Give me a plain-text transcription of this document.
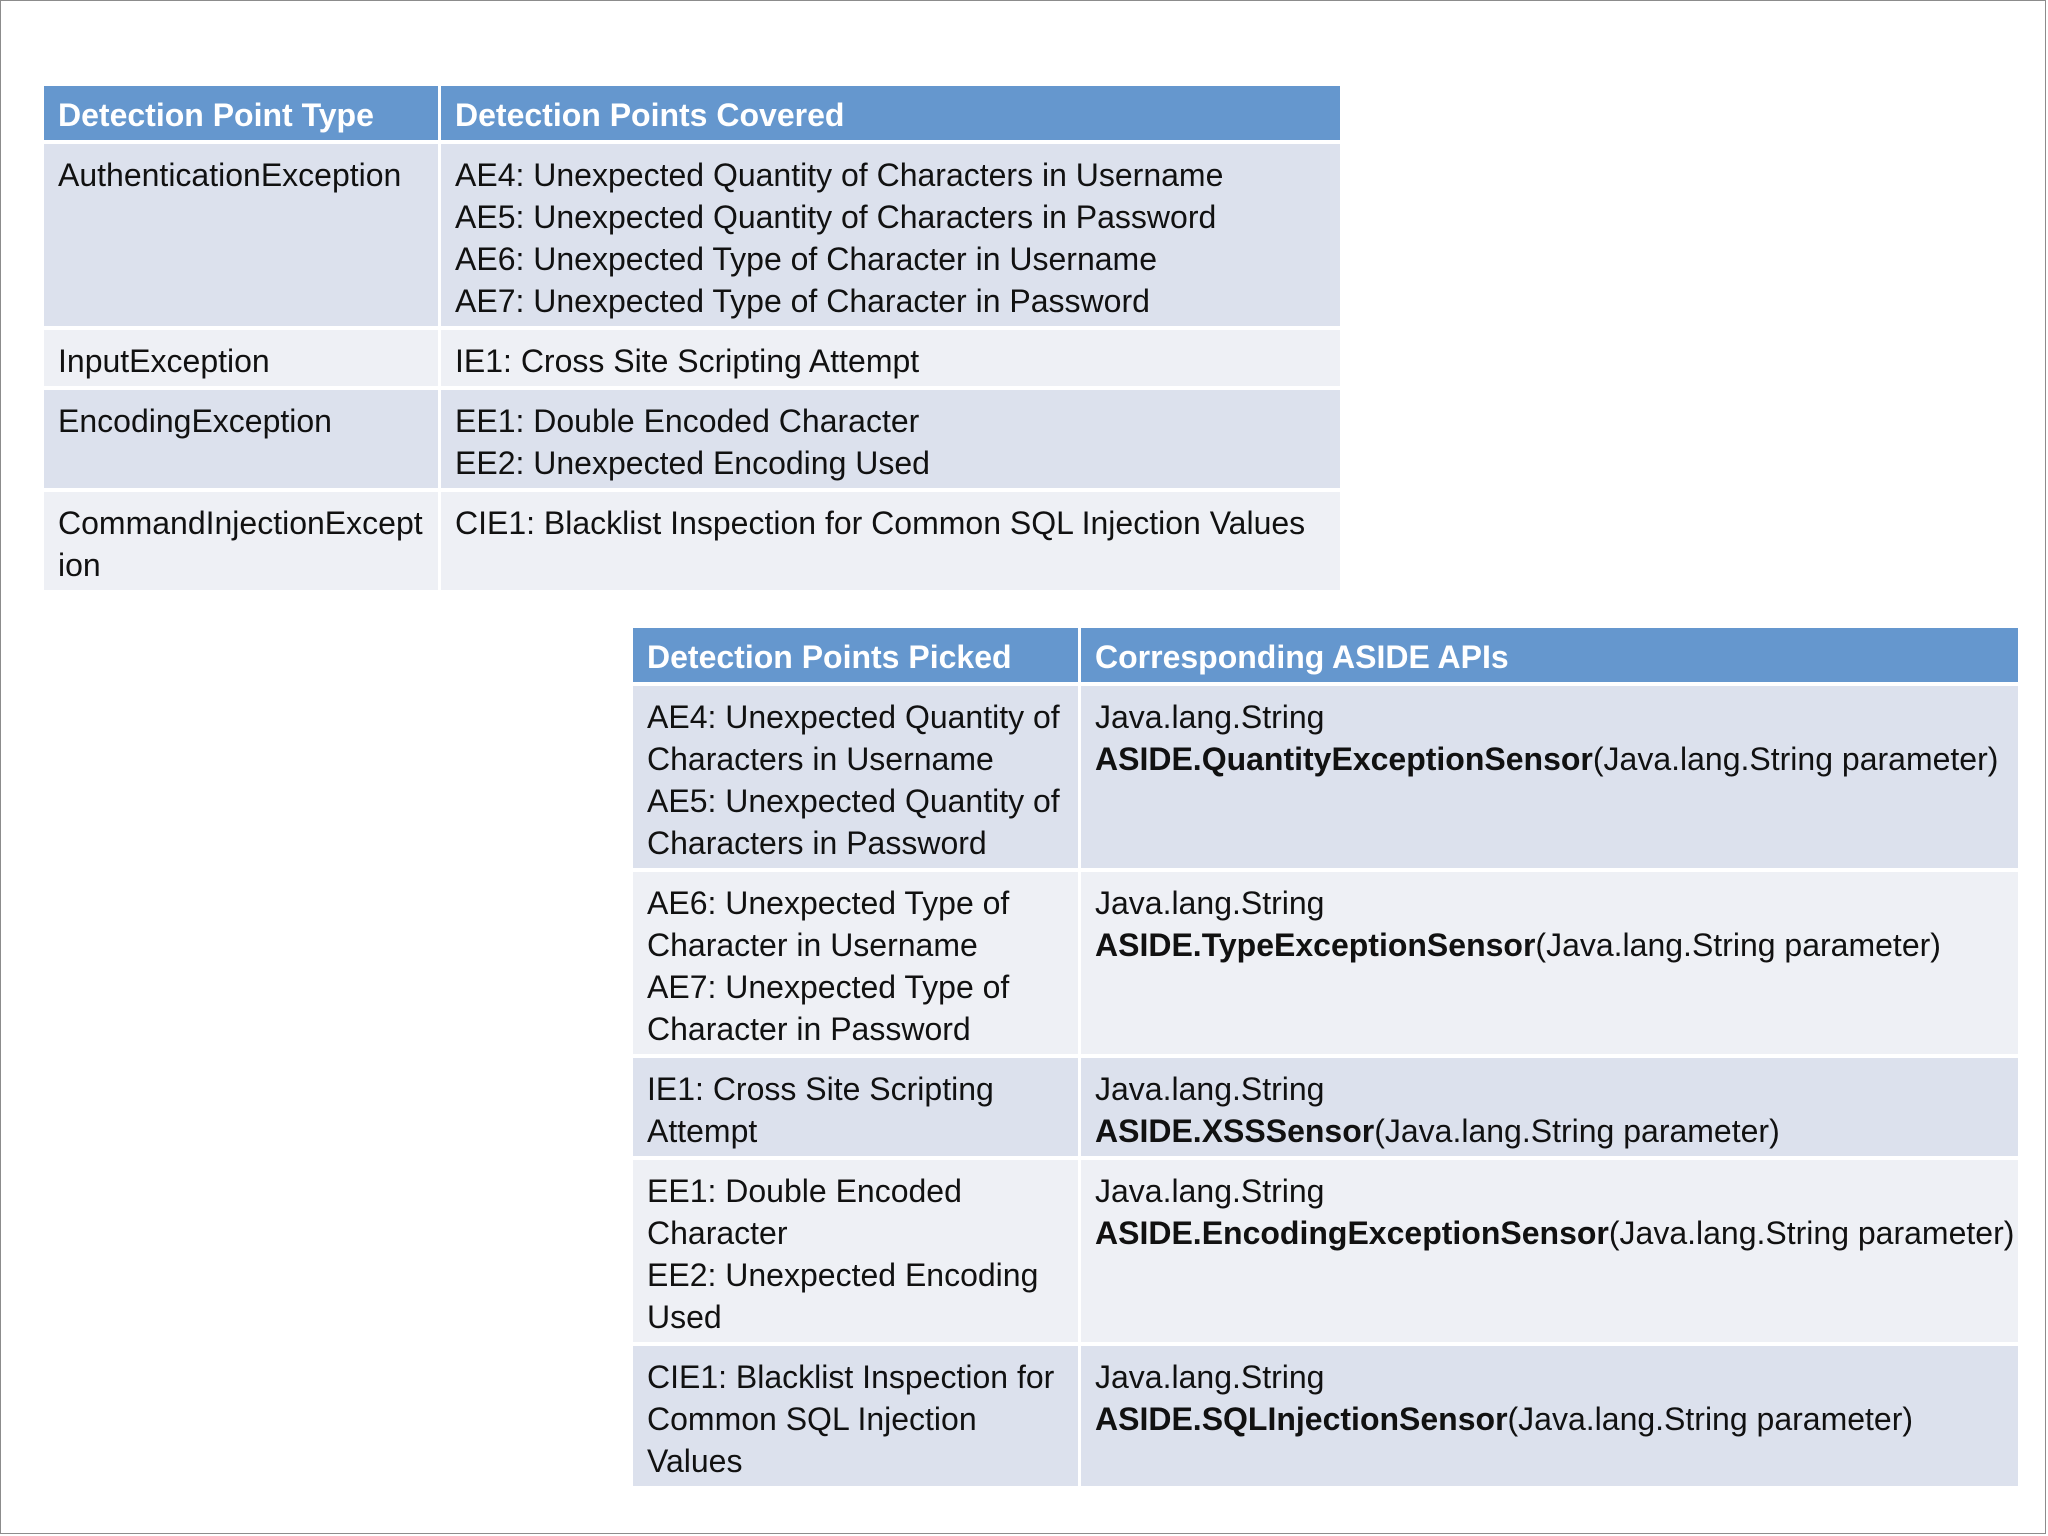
Detection Point Type	Detection Points Covered

AuthenticationException	AE4: Unexpected Quantity of Characters in Username
AE5: Unexpected Quantity of Characters in Password
AE6: Unexpected Type of Character in Username
AE7: Unexpected Type of Character in Password

InputException	IE1: Cross Site Scripting Attempt

EncodingException	EE1: Double Encoded Character
EE2: Unexpected Encoding Used

CommandInjectionException	CIE1: Blacklist Inspection for Common SQL Injection Values
Detection Points Picked	Corresponding ASIDE APIs

AE4: Unexpected Quantity of Characters in Username
AE5: Unexpected Quantity of Characters in Password	Java.lang.String
ASIDE.QuantityExceptionSensor(Java.lang.String parameter)

AE6: Unexpected Type of Character in Username
AE7: Unexpected Type of Character in Password	Java.lang.String
ASIDE.TypeExceptionSensor(Java.lang.String parameter)

IE1: Cross Site Scripting Attempt	Java.lang.String
ASIDE.XSSSensor(Java.lang.String parameter)

EE1: Double Encoded Character
EE2: Unexpected Encoding Used	Java.lang.String
ASIDE.EncodingExceptionSensor(Java.lang.String parameter)

CIE1: Blacklist Inspection for Common SQL Injection Values	Java.lang.String
ASIDE.SQLInjectionSensor(Java.lang.String parameter)
